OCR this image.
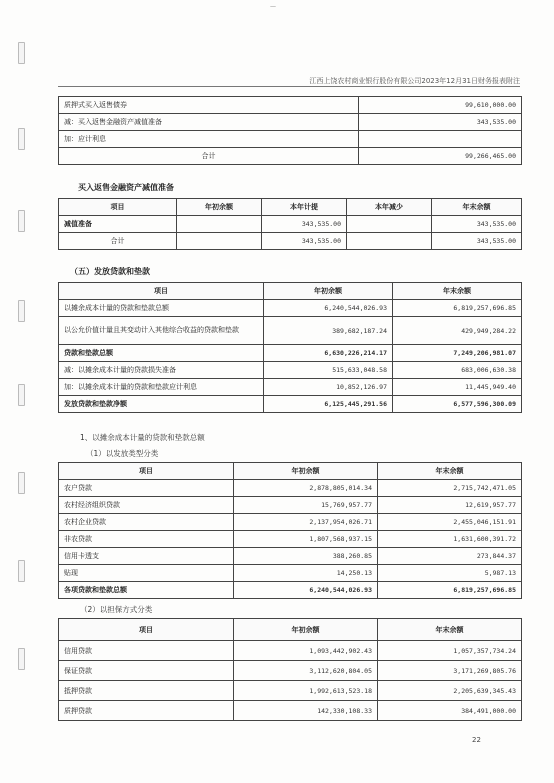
—
江西上饶农村商业银行股份有限公司2023年12月31日财务报表附注
质押式买入返售债券	99,610,000.00
减：买入返售金融资产减值准备	343,535.00
加：应计利息	
合计	99,266,465.00
买入返售金融资产减值准备
项目	年初余额	本年计提	本年减少	年末余额
减值准备		343,535.00		343,535.00
合计		343,535.00		343,535.00
（五）发放贷款和垫款
项目	年初余额	年末余额
以摊余成本计量的贷款和垫款总额	6,240,544,026.93	6,819,257,696.85
以公允价值计量且其变动计入其他综合收益的贷款和垫款	389,682,187.24	429,949,284.22
贷款和垫款总额	6,630,226,214.17	7,249,206,981.07
减：以摊余成本计量的贷款损失准备	515,633,048.58	683,006,630.38
加：以摊余成本计量的贷款和垫款应计利息	10,852,126.97	11,445,949.40
发放贷款和垫款净额	6,125,445,291.56	6,577,596,300.09
1、以摊余成本计量的贷款和垫款总额
（1）以发放类型分类
项目	年初余额	年末余额
农户贷款	2,878,805,014.34	2,715,742,471.05
农村经济组织贷款	15,769,957.77	12,619,957.77
农村企业贷款	2,137,954,026.71	2,455,046,151.91
非农贷款	1,807,568,937.15	1,631,600,391.72
信用卡透支	388,260.85	273,844.37
贴现	14,250.13	5,987.13
各项贷款和垫款总额	6,240,544,026.93	6,819,257,696.85
（2）以担保方式分类
项目	年初余额	年末余额
信用贷款	1,093,442,902.43	1,057,357,734.24
保证贷款	3,112,620,804.05	3,171,269,805.76
抵押贷款	1,992,613,523.18	2,205,639,345.43
质押贷款	142,330,108.33	384,491,000.00
22
